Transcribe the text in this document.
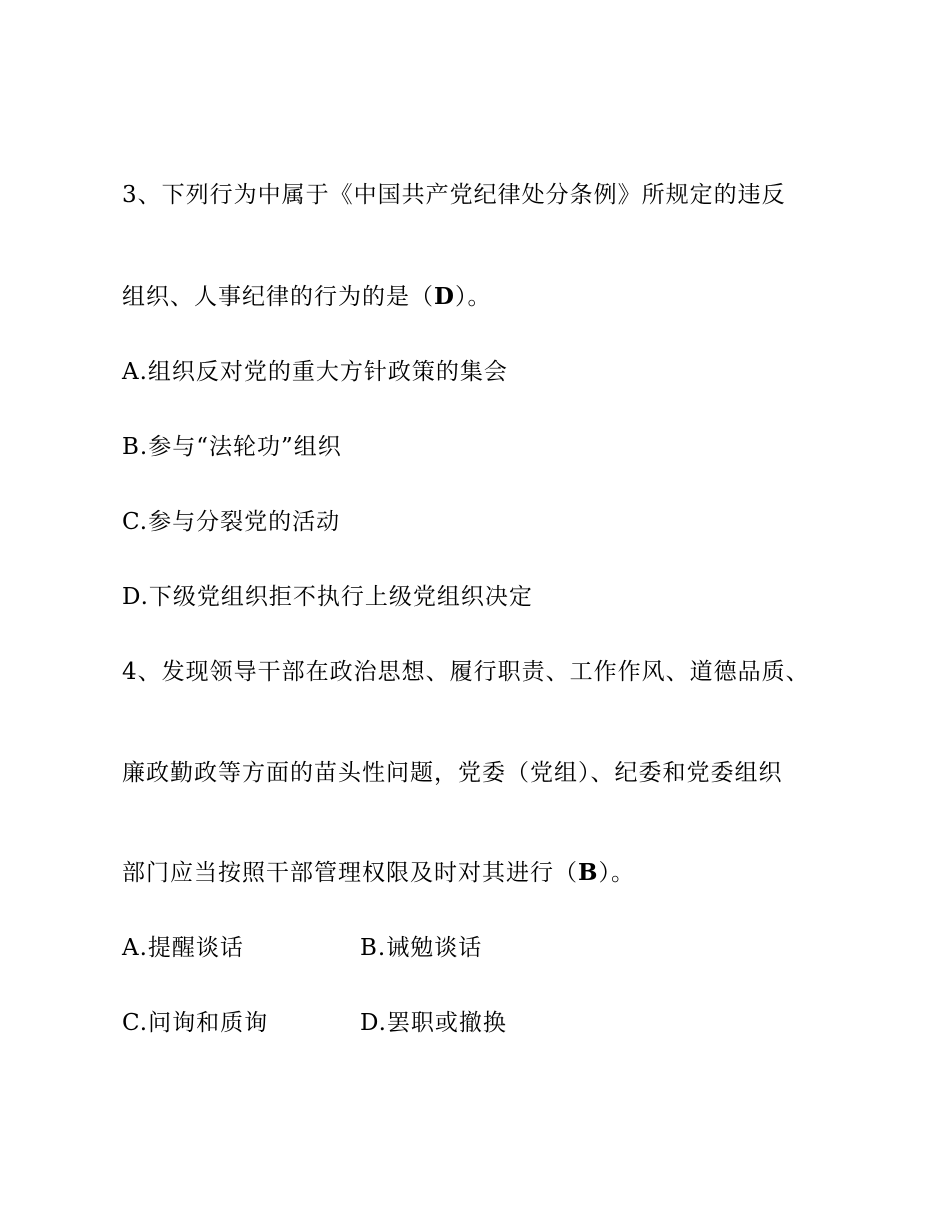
3、下列行为中属于《中国共产党纪律处分条例》所规定的违反
组织、人事纪律的行为的是（D）。
A.组织反对党的重大方针政策的集会
B.参与“法轮功”组织
C.参与分裂党的活动
D.下级党组织拒不执行上级党组织决定
4、发现领导干部在政治思想、履行职责、工作作风、道德品质、
廉政勤政等方面的苗头性问题，党委（党组）、纪委和党委组织
部门应当按照干部管理权限及时对其进行（B）。
A.提醒谈话	B.诫勉谈话
C.问询和质询	D.罢职或撤换
